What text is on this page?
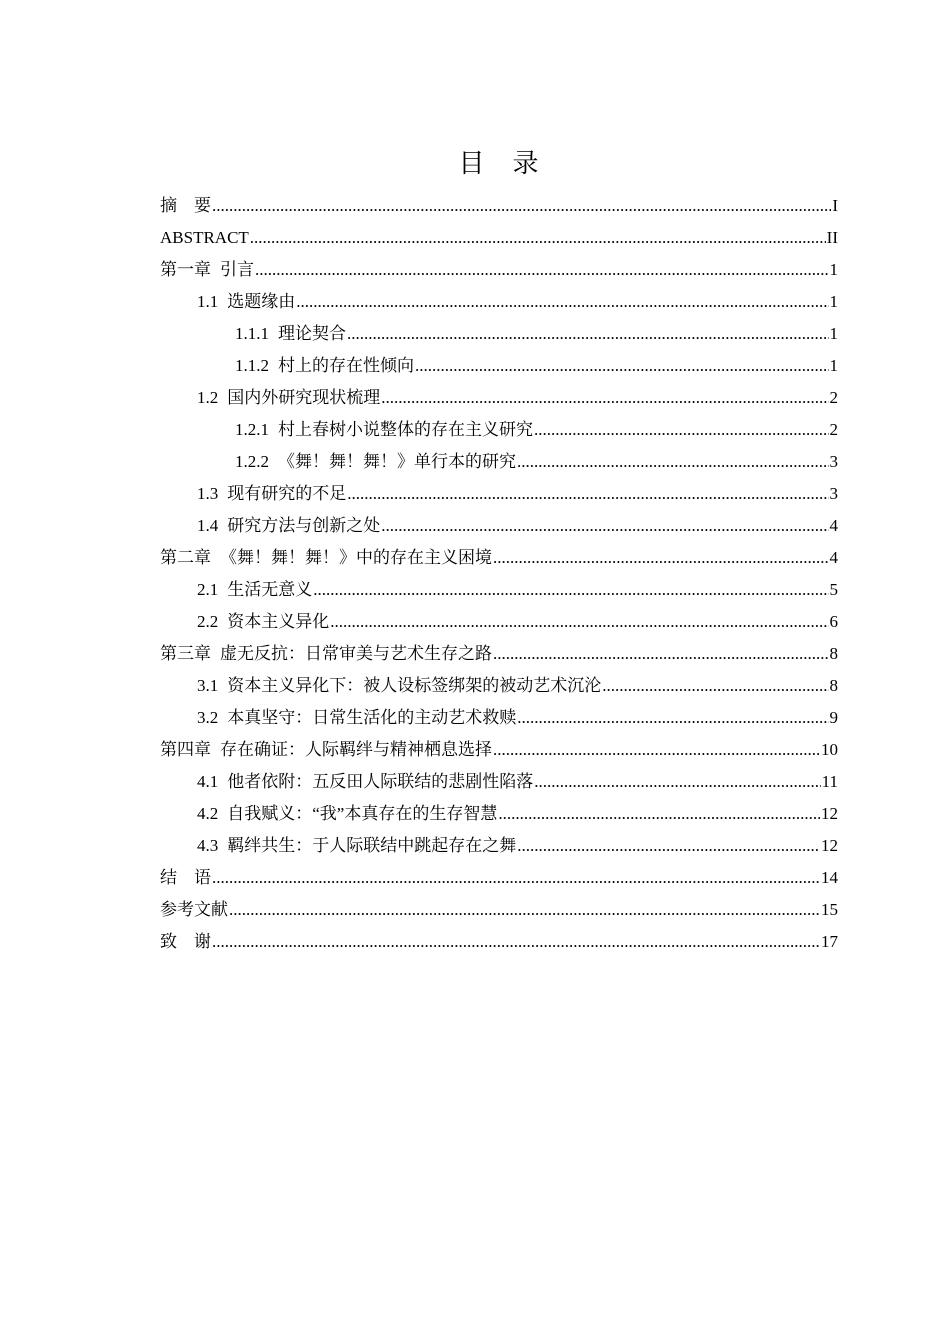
目 录
摘    要 .....	I
ABSTRACT .....	II
第一章 引言 .....	1
1.1 选题缘由 .....	1
1.1.1 理论契合 .....	1
1.1.2 村上的存在性倾向 .....	1
1.2 国内外研究现状梳理 .....	2
1.2.1 村上春树小说整体的存在主义研究 .....	2
1.2.2 《舞！舞！舞！》单行本的研究 .....	3
1.3 现有研究的不足 .....	3
1.4 研究方法与创新之处 .....	4
第二章 《舞！舞！舞！》中的存在主义困境 .....	4
2.1 生活无意义 .....	5
2.2 资本主义异化 .....	6
第三章 虚无反抗：日常审美与艺术生存之路 .....	8
3.1 资本主义异化下：被人设标签绑架的被动艺术沉沦 .....	8
3.2 本真坚守：日常生活化的主动艺术救赎 .....	9
第四章 存在确证：人际羁绊与精神栖息选择 .....	10
4.1 他者依附：五反田人际联结的悲剧性陷落 .....	11
4.2 自我赋义：“我”本真存在的生存智慧 .....	12
4.3 羁绊共生：于人际联结中跳起存在之舞 .....	12
结    语 .....	14
参考文献 .....	15
致    谢 .....	17
